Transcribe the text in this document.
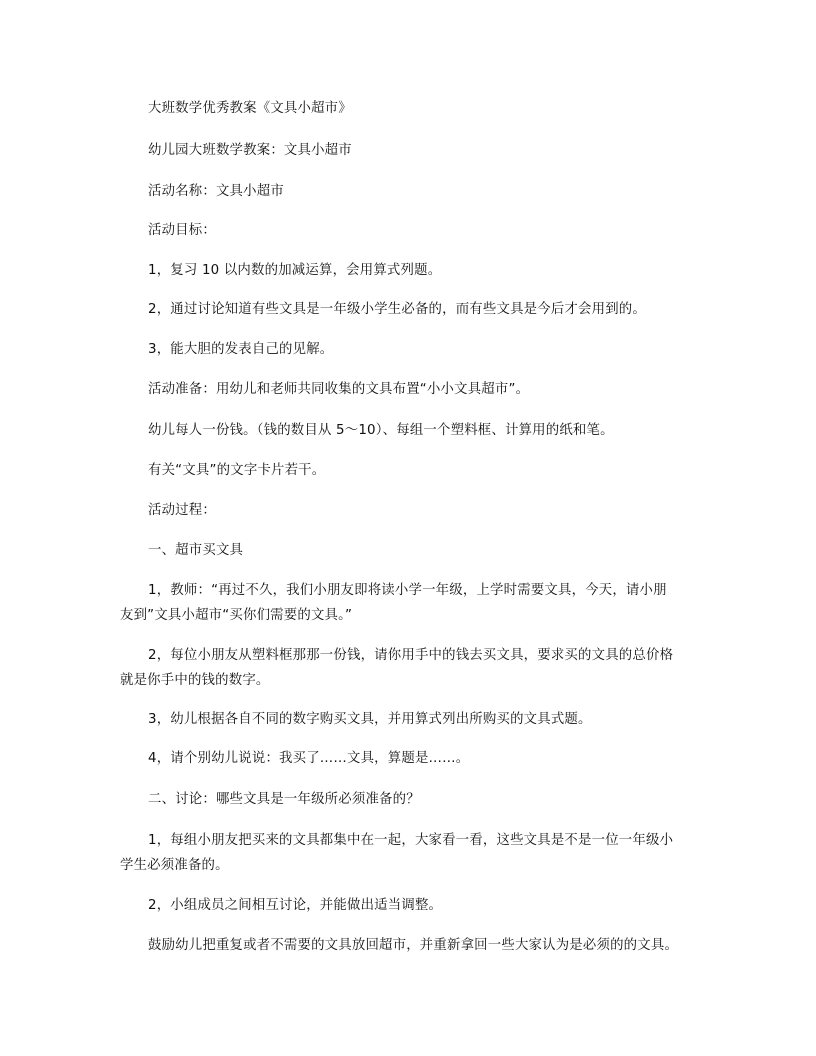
大班数学优秀教案《文具小超市》

幼儿园大班数学教案：文具小超市

活动名称：文具小超市

活动目标：

1，复习 10 以内数的加减运算，会用算式列题。

2，通过讨论知道有些文具是一年级小学生必备的，而有些文具是今后才会用到的。

3，能大胆的发表自己的见解。

活动准备：用幼儿和老师共同收集的文具布置“小小文具超市”。

幼儿每人一份钱。（钱的数目从 5～10）、每组一个塑料框、计算用的纸和笔。

有关“文具”的文字卡片若干。

活动过程：

一、超市买文具

1，教师：“再过不久，我们小朋友即将读小学一年级，上学时需要文具，今天，请小朋

友到”文具小超市“买你们需要的文具。”

2，每位小朋友从塑料框那那一份钱，请你用手中的钱去买文具，要求买的文具的总价格

就是你手中的钱的数字。

3，幼儿根据各自不同的数字购买文具，并用算式列出所购买的文具式题。

4，请个别幼儿说说：我买了……文具，算题是……。

二、讨论：哪些文具是一年级所必须准备的？

1，每组小朋友把买来的文具都集中在一起，大家看一看，这些文具是不是一位一年级小

学生必须准备的。

2，小组成员之间相互讨论，并能做出适当调整。

鼓励幼儿把重复或者不需要的文具放回超市，并重新拿回一些大家认为是必须的的文具。
